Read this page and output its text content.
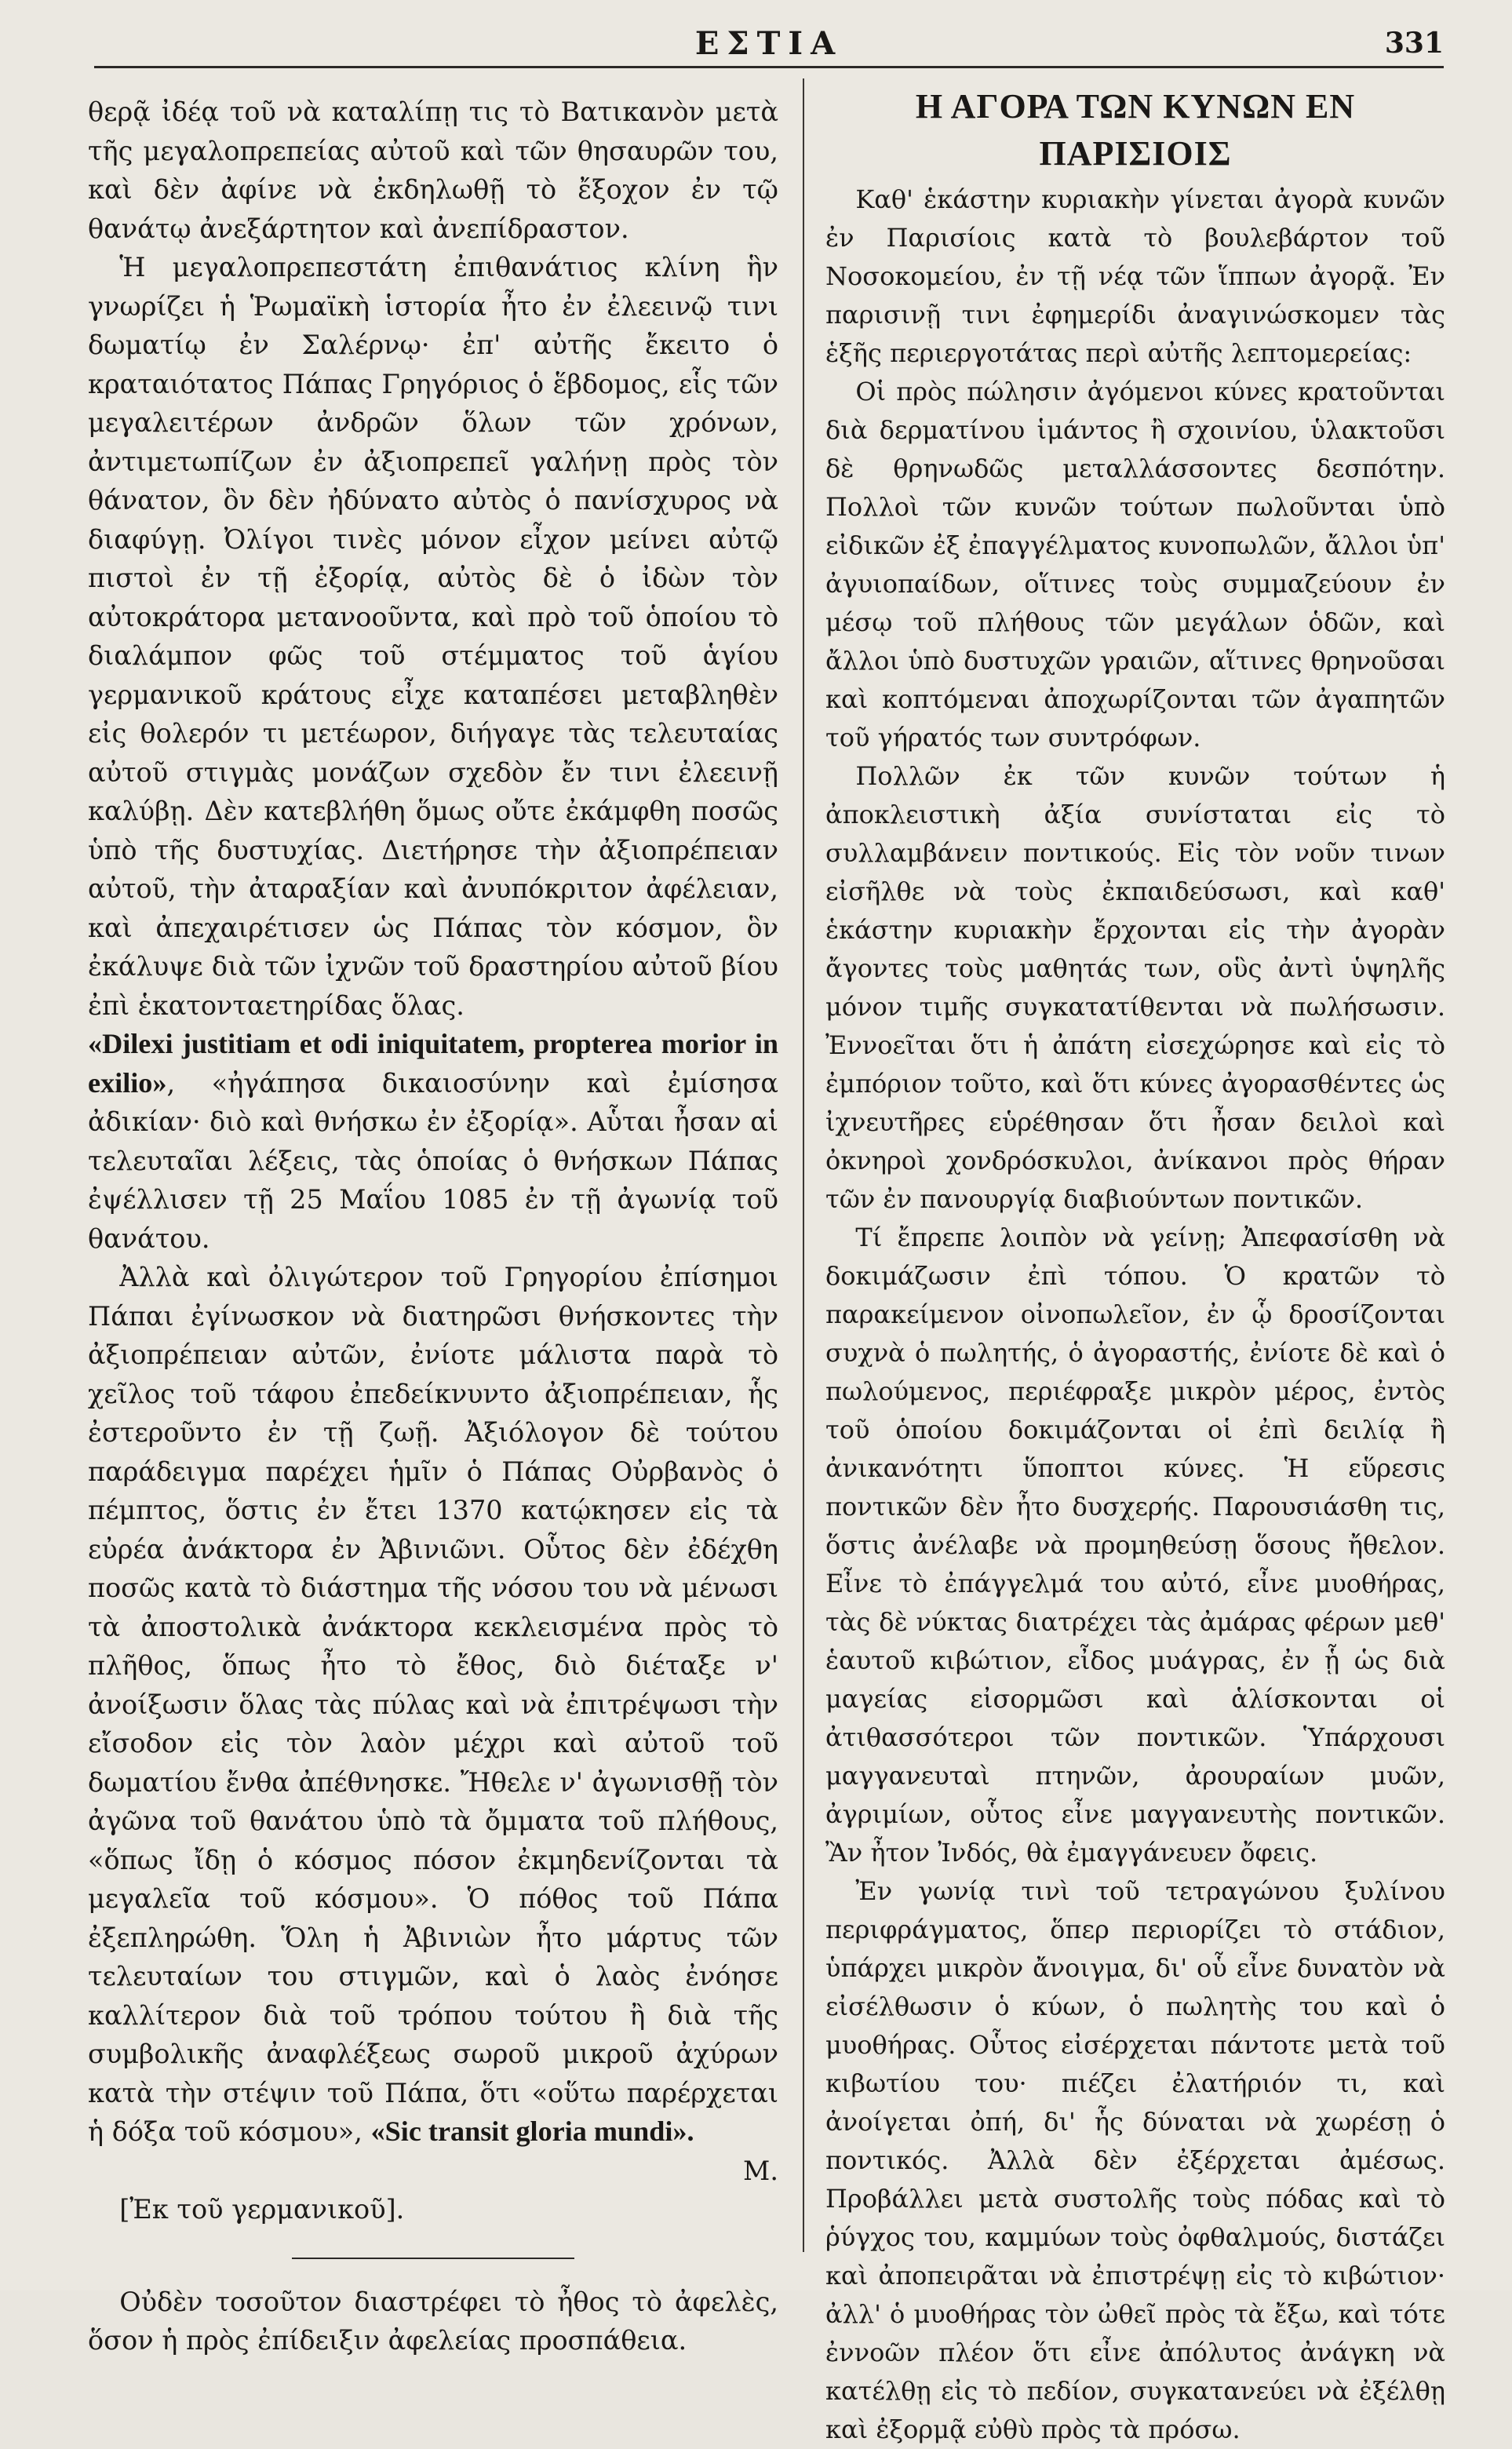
ΕΣΤΙΑ	331

θερᾷ ἰδέᾳ τοῦ νὰ καταλίπῃ τις τὸ Βατικανὸν μετὰ τῆς μεγαλοπρεπείας αὐτοῦ καὶ τῶν θησαυρῶν του, καὶ δὲν ἀφίνε νὰ ἐκδηλωθῇ τὸ ἔξοχον ἐν τῷ θανάτῳ ἀνεξάρτητον καὶ ἀνεπίδραστον.

Ἡ μεγαλοπρεπεστάτη ἐπιθανάτιος κλίνη ἣν γνωρίζει ἡ Ῥωμαϊκὴ ἱστορία ἦτο ἐν ἐλεεινῷ τινι δωματίῳ ἐν Σαλέρνῳ· ἐπ' αὐτῆς ἔκειτο ὁ κραταιότατος Πάπας Γρηγόριος ὁ ἕβδομος, εἷς τῶν μεγαλειτέρων ἀνδρῶν ὅλων τῶν χρόνων, ἀντιμετωπίζων ἐν ἀξιοπρεπεῖ γαλήνῃ πρὸς τὸν θάνατον, ὃν δὲν ἠδύνατο αὐτὸς ὁ πανίσχυρος νὰ διαφύγῃ. Ὀλίγοι τινὲς μόνον εἶχον μείνει αὐτῷ πιστοὶ ἐν τῇ ἐξορίᾳ, αὐτὸς δὲ ὁ ἰδὼν τὸν αὐτοκράτορα μετανοοῦντα, καὶ πρὸ τοῦ ὁποίου τὸ διαλάμπον φῶς τοῦ στέμματος τοῦ ἁγίου γερμανικοῦ κράτους εἶχε καταπέσει μεταβληθὲν εἰς θολερόν τι μετέωρον, διήγαγε τὰς τελευταίας αὐτοῦ στιγμὰς μονάζων σχεδὸν ἔν τινι ἐλεεινῇ καλύβῃ. Δὲν κατεβλήθη ὅμως οὔτε ἐκάμφθη ποσῶς ὑπὸ τῆς δυστυχίας. Διετήρησε τὴν ἀξιοπρέπειαν αὐτοῦ, τὴν ἀταραξίαν καὶ ἀνυπόκριτον ἀφέλειαν, καὶ ἀπεχαιρέτισεν ὡς Πάπας τὸν κόσμον, ὃν ἐκάλυψε διὰ τῶν ἰχνῶν τοῦ δραστηρίου αὐτοῦ βίου ἐπὶ ἑκατονταετηρίδας ὅλας.

«Dilexi justitiam et odi iniquitatem, propterea morior in exilio», «ἠγάπησα δικαιοσύνην καὶ ἐμίσησα ἀδικίαν· διὸ καὶ θνήσκω ἐν ἐξορίᾳ». Αὗται ἦσαν αἱ τελευταῖαι λέξεις, τὰς ὁποίας ὁ θνήσκων Πάπας ἐψέλλισεν τῇ 25 Μαΐου 1085 ἐν τῇ ἀγωνίᾳ τοῦ θανάτου.

Ἀλλὰ καὶ ὀλιγώτερον τοῦ Γρηγορίου ἐπίσημοι Πάπαι ἐγίνωσκον νὰ διατηρῶσι θνήσκοντες τὴν ἀξιοπρέπειαν αὐτῶν, ἐνίοτε μάλιστα παρὰ τὸ χεῖλος τοῦ τάφου ἐπεδείκνυντο ἀξιοπρέπειαν, ἧς ἐστεροῦντο ἐν τῇ ζωῇ. Ἀξιόλογον δὲ τούτου παράδειγμα παρέχει ἡμῖν ὁ Πάπας Οὐρβανὸς ὁ πέμπτος, ὅστις ἐν ἔτει 1370 κατῴκησεν εἰς τὰ εὐρέα ἀνάκτορα ἐν Ἀβινιῶνι. Οὗτος δὲν ἐδέχθη ποσῶς κατὰ τὸ διάστημα τῆς νόσου του νὰ μένωσι τὰ ἀποστολικὰ ἀνάκτορα κεκλεισμένα πρὸς τὸ πλῆθος, ὅπως ἦτο τὸ ἔθος, διὸ διέταξε ν' ἀνοίξωσιν ὅλας τὰς πύλας καὶ νὰ ἐπιτρέψωσι τὴν εἴσοδον εἰς τὸν λαὸν μέχρι καὶ αὐτοῦ τοῦ δωματίου ἔνθα ἀπέθνησκε. Ἤθελε ν' ἀγωνισθῇ τὸν ἀγῶνα τοῦ θανάτου ὑπὸ τὰ ὄμματα τοῦ πλήθους, «ὅπως ἴδῃ ὁ κόσμος πόσον ἐκμηδενίζονται τὰ μεγαλεῖα τοῦ κόσμου». Ὁ πόθος τοῦ Πάπα ἐξεπληρώθη. Ὅλη ἡ Ἀβινιὼν ἦτο μάρτυς τῶν τελευταίων του στιγμῶν, καὶ ὁ λαὸς ἐνόησε καλλίτερον διὰ τοῦ τρόπου τούτου ἢ διὰ τῆς συμβολικῆς ἀναφλέξεως σωροῦ μικροῦ ἀχύρων κατὰ τὴν στέψιν τοῦ Πάπα, ὅτι «οὕτω παρέρχεται ἡ δόξα τοῦ κόσμου», «Sic transit gloria mundi».

Μ.

[Ἐκ τοῦ γερμανικοῦ].

Οὐδὲν τοσοῦτον διαστρέφει τὸ ἦθος τὸ ἀφελὲς, ὅσον ἡ πρὸς ἐπίδειξιν ἀφελείας προσπάθεια.

Η ΑΓΟΡΑ ΤΩΝ ΚΥΝΩΝ ΕΝ ΠΑΡΙΣΙΟΙΣ

Καθ' ἑκάστην κυριακὴν γίνεται ἀγορὰ κυνῶν ἐν Παρισίοις κατὰ τὸ βουλεβάρτον τοῦ Νοσοκομείου, ἐν τῇ νέᾳ τῶν ἵππων ἀγορᾷ. Ἐν παρισινῇ τινι ἐφημερίδι ἀναγινώσκομεν τὰς ἑξῆς περιεργοτάτας περὶ αὐτῆς λεπτομερείας:

Οἱ πρὸς πώλησιν ἀγόμενοι κύνες κρατοῦνται διὰ δερματίνου ἱμάντος ἢ σχοινίου, ὑλακτοῦσι δὲ θρηνωδῶς μεταλλάσσοντες δεσπότην. Πολλοὶ τῶν κυνῶν τούτων πωλοῦνται ὑπὸ εἰδικῶν ἐξ ἐπαγγέλματος κυνοπωλῶν, ἄλλοι ὑπ' ἀγυιοπαίδων, οἵτινες τοὺς συμμαζεύουν ἐν μέσῳ τοῦ πλήθους τῶν μεγάλων ὁδῶν, καὶ ἄλλοι ὑπὸ δυστυχῶν γραιῶν, αἵτινες θρηνοῦσαι καὶ κοπτόμεναι ἀποχωρίζονται τῶν ἀγαπητῶν τοῦ γήρατός των συντρόφων.

Πολλῶν ἐκ τῶν κυνῶν τούτων ἡ ἀποκλειστικὴ ἀξία συνίσταται εἰς τὸ συλλαμβάνειν ποντικούς. Εἰς τὸν νοῦν τινων εἰσῆλθε νὰ τοὺς ἐκπαιδεύσωσι, καὶ καθ' ἑκάστην κυριακὴν ἔρχονται εἰς τὴν ἀγορὰν ἄγοντες τοὺς μαθητάς των, οὓς ἀντὶ ὑψηλῆς μόνον τιμῆς συγκατατίθενται νὰ πωλήσωσιν. Ἐννοεῖται ὅτι ἡ ἀπάτη εἰσεχώρησε καὶ εἰς τὸ ἐμπόριον τοῦτο, καὶ ὅτι κύνες ἀγορασθέντες ὡς ἰχνευτῆρες εὑρέθησαν ὅτι ἦσαν δειλοὶ καὶ ὀκνηροὶ χονδρόσκυλοι, ἀνίκανοι πρὸς θήραν τῶν ἐν πανουργίᾳ διαβιούντων ποντικῶν.

Τί ἔπρεπε λοιπὸν νὰ γείνῃ; Ἀπεφασίσθη νὰ δοκιμάζωσιν ἐπὶ τόπου. Ὁ κρατῶν τὸ παρακείμενον οἰνοπωλεῖον, ἐν ᾧ δροσίζονται συχνὰ ὁ πωλητής, ὁ ἀγοραστής, ἐνίοτε δὲ καὶ ὁ πωλούμενος, περιέφραξε μικρὸν μέρος, ἐντὸς τοῦ ὁποίου δοκιμάζονται οἱ ἐπὶ δειλίᾳ ἢ ἀνικανότητι ὕποπτοι κύνες. Ἡ εὕρεσις ποντικῶν δὲν ἦτο δυσχερής. Παρουσιάσθη τις, ὅστις ἀνέλαβε νὰ προμηθεύσῃ ὅσους ἤθελον. Εἶνε τὸ ἐπάγγελμά του αὐτό, εἶνε μυοθήρας, τὰς δὲ νύκτας διατρέχει τὰς ἀμάρας φέρων μεθ' ἑαυτοῦ κιβώτιον, εἶδος μυάγρας, ἐν ᾗ ὡς διὰ μαγείας εἰσορμῶσι καὶ ἁλίσκονται οἱ ἀτιθασσότεροι τῶν ποντικῶν. Ὑπάρχουσι μαγγανευταὶ πτηνῶν, ἀρουραίων μυῶν, ἀγριμίων, οὗτος εἶνε μαγγανευτὴς ποντικῶν. Ἂν ἦτον Ἰνδός, θὰ ἐμαγγάνευεν ὄφεις.

Ἐν γωνίᾳ τινὶ τοῦ τετραγώνου ξυλίνου περιφράγματος, ὅπερ περιορίζει τὸ στάδιον, ὑπάρχει μικρὸν ἄνοιγμα, δι' οὗ εἶνε δυνατὸν νὰ εἰσέλθωσιν ὁ κύων, ὁ πωλητὴς του καὶ ὁ μυοθήρας. Οὗτος εἰσέρχεται πάντοτε μετὰ τοῦ κιβωτίου του· πιέζει ἐλατήριόν τι, καὶ ἀνοίγεται ὀπή, δι' ἧς δύναται νὰ χωρέσῃ ὁ ποντικός. Ἀλλὰ δὲν ἐξέρχεται ἀμέσως. Προβάλλει μετὰ συστολῆς τοὺς πόδας καὶ τὸ ῥύγχος του, καμμύων τοὺς ὀφθαλμούς, διστάζει καὶ ἀποπειρᾶται νὰ ἐπιστρέψῃ εἰς τὸ κιβώτιον· ἀλλ' ὁ μυοθήρας τὸν ὠθεῖ πρὸς τὰ ἔξω, καὶ τότε ἐννοῶν πλέον ὅτι εἶνε ἀπόλυτος ἀνάγκη νὰ κατέλθῃ εἰς τὸ πεδίον, συγκατανεύει νὰ ἐξέλθῃ καὶ ἐξορμᾷ εὐθὺ πρὸς τὰ πρόσω.
